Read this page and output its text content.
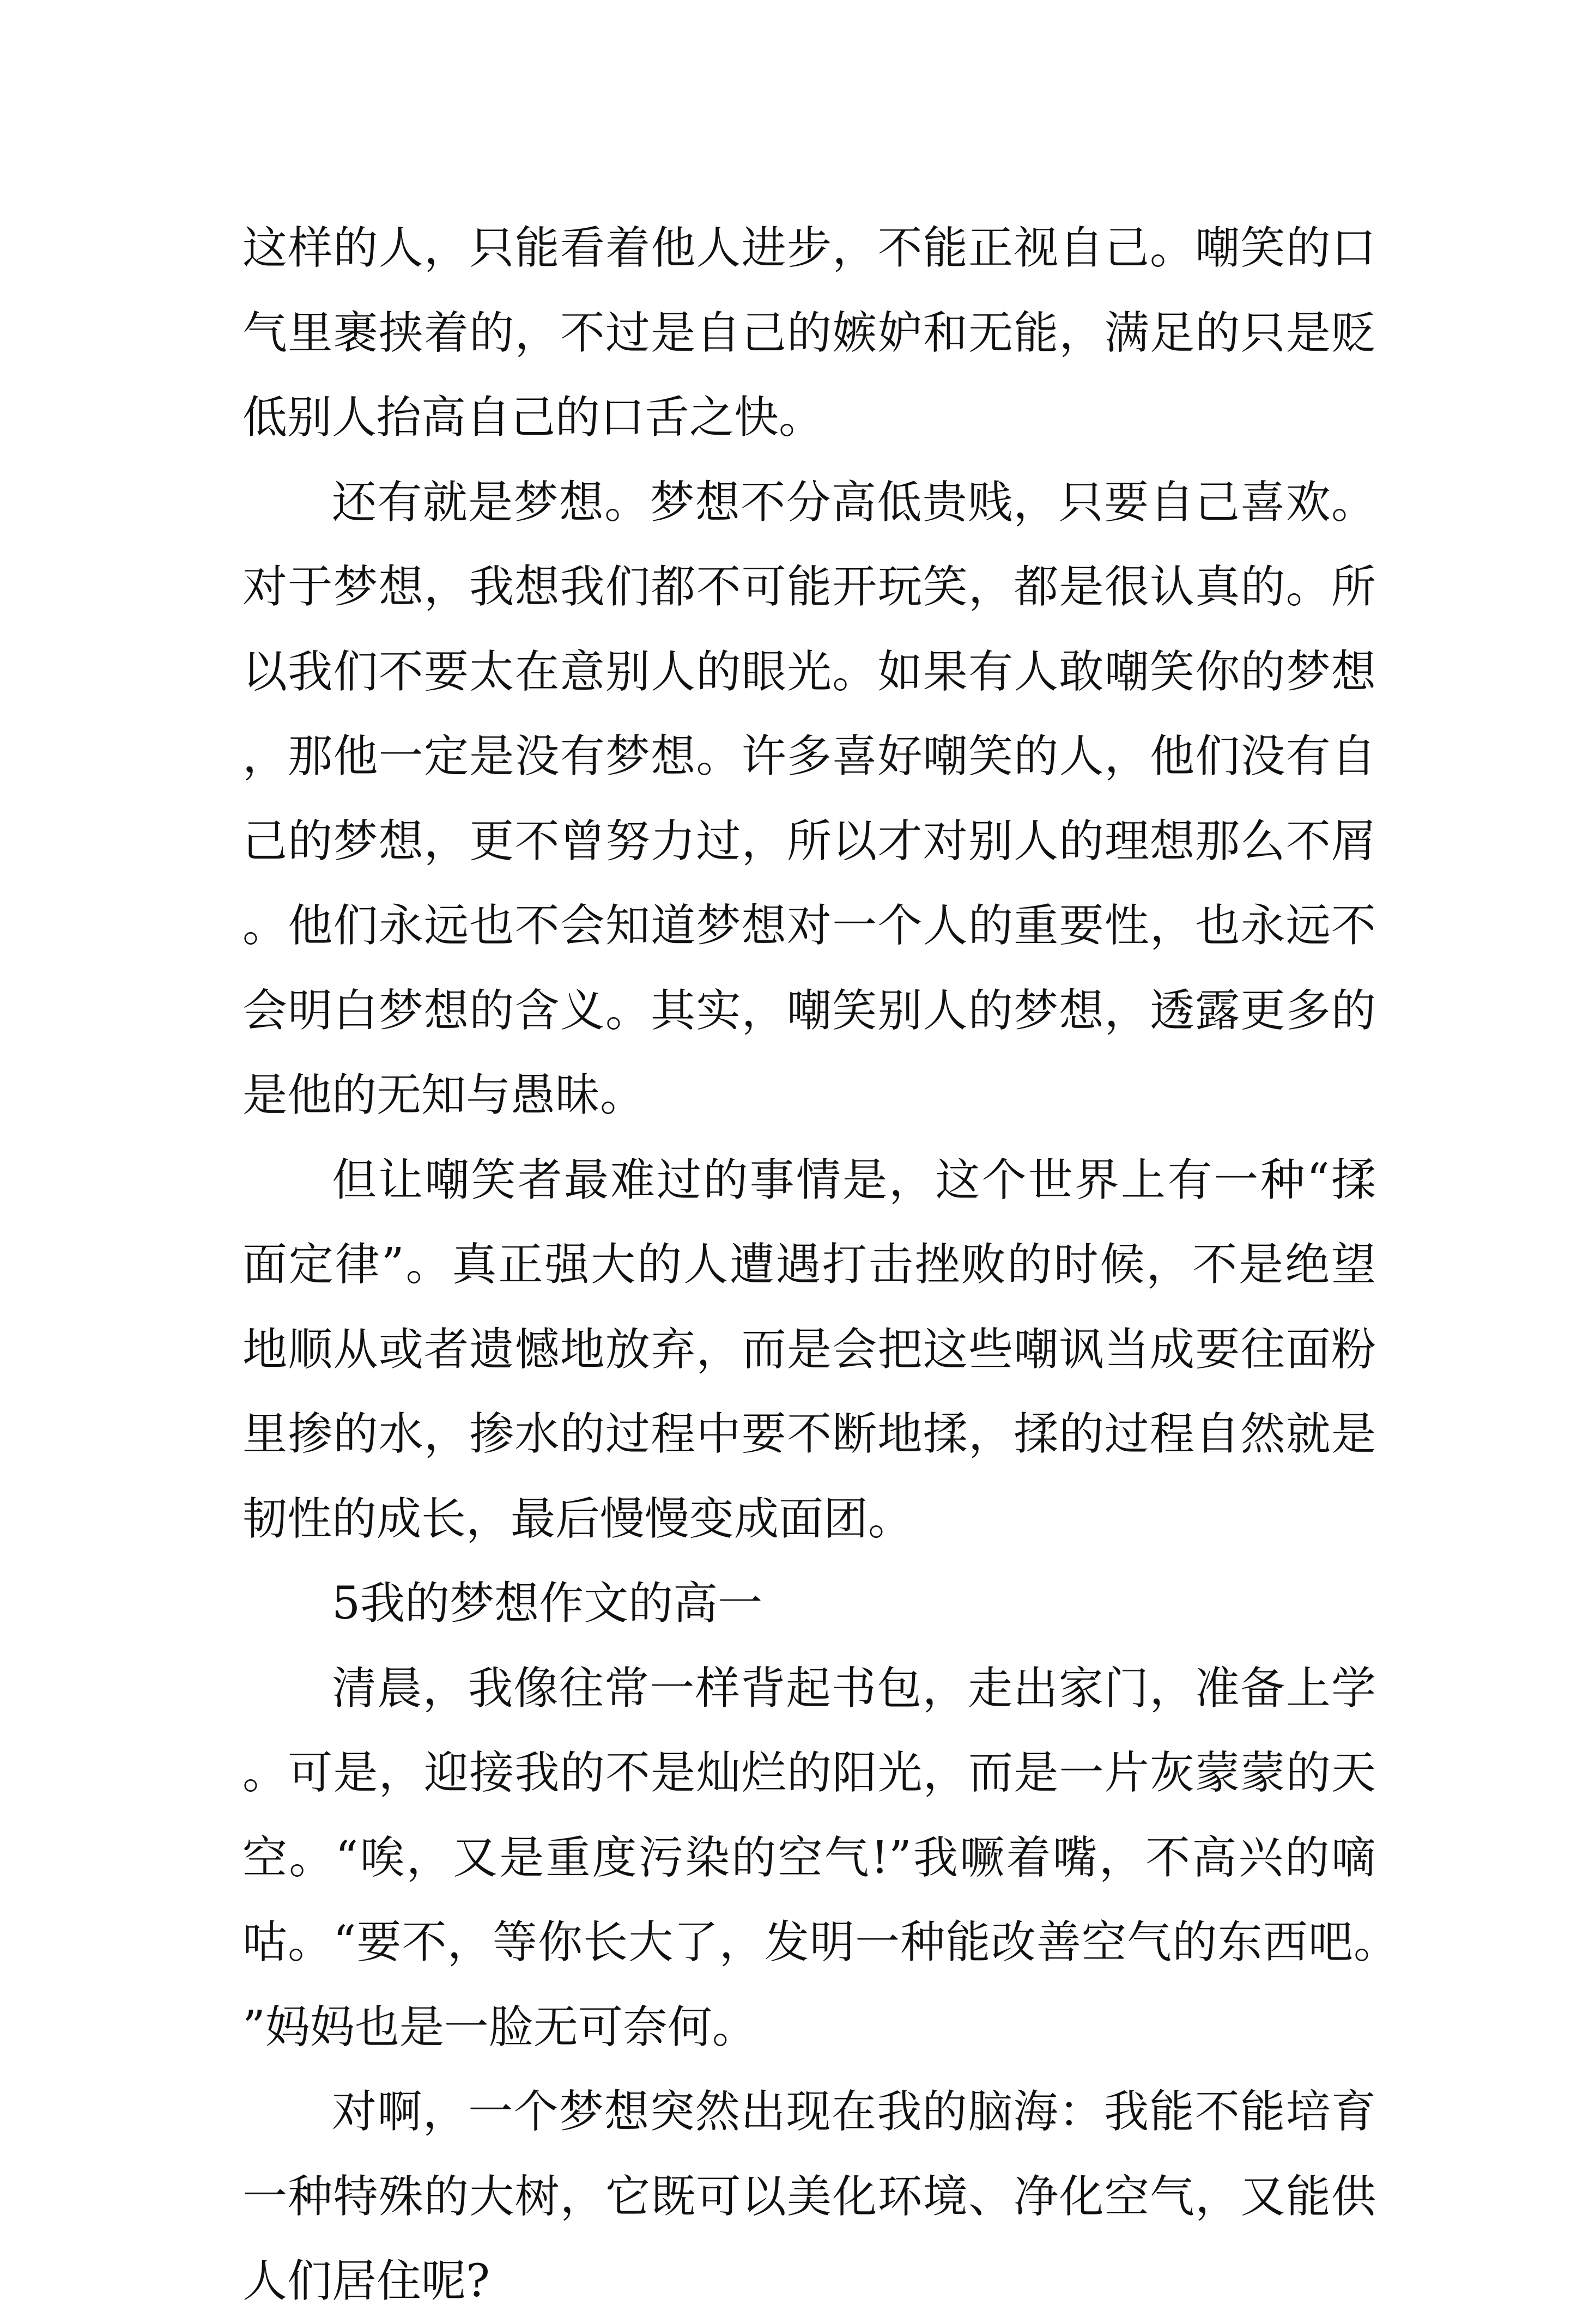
这样的人，只能看着他人进步，不能正视自己。嘲笑的口气里裹挟着的，不过是自己的嫉妒和无能，满足的只是贬低别人抬高自己的口舌之快。

还有就是梦想。梦想不分高低贵贱，只要自己喜欢。对于梦想，我想我们都不可能开玩笑，都是很认真的。所以我们不要太在意别人的眼光。如果有人敢嘲笑你的梦想，那他一定是没有梦想。许多喜好嘲笑的人，他们没有自己的梦想，更不曾努力过，所以才对别人的理想那么不屑。他们永远也不会知道梦想对一个人的重要性，也永远不会明白梦想的含义。其实，嘲笑别人的梦想，透露更多的是他的无知与愚昧。

但让嘲笑者最难过的事情是，这个世界上有一种“揉面定律”。真正强大的人遭遇打击挫败的时候，不是绝望地顺从或者遗憾地放弃，而是会把这些嘲讽当成要往面粉里掺的水，掺水的过程中要不断地揉，揉的过程自然就是韧性的成长，最后慢慢变成面团。

5我的梦想作文的高一

清晨，我像往常一样背起书包，走出家门，准备上学。可是，迎接我的不是灿烂的阳光，而是一片灰蒙蒙的天空。“唉，又是重度污染的空气!”我噘着嘴，不高兴的嘀咕。“要不，等你长大了，发明一种能改善空气的东西吧。”妈妈也是一脸无可奈何。

对啊，一个梦想突然出现在我的脑海：我能不能培育一种特殊的大树，它既可以美化环境、净化空气，又能供人们居住呢?
